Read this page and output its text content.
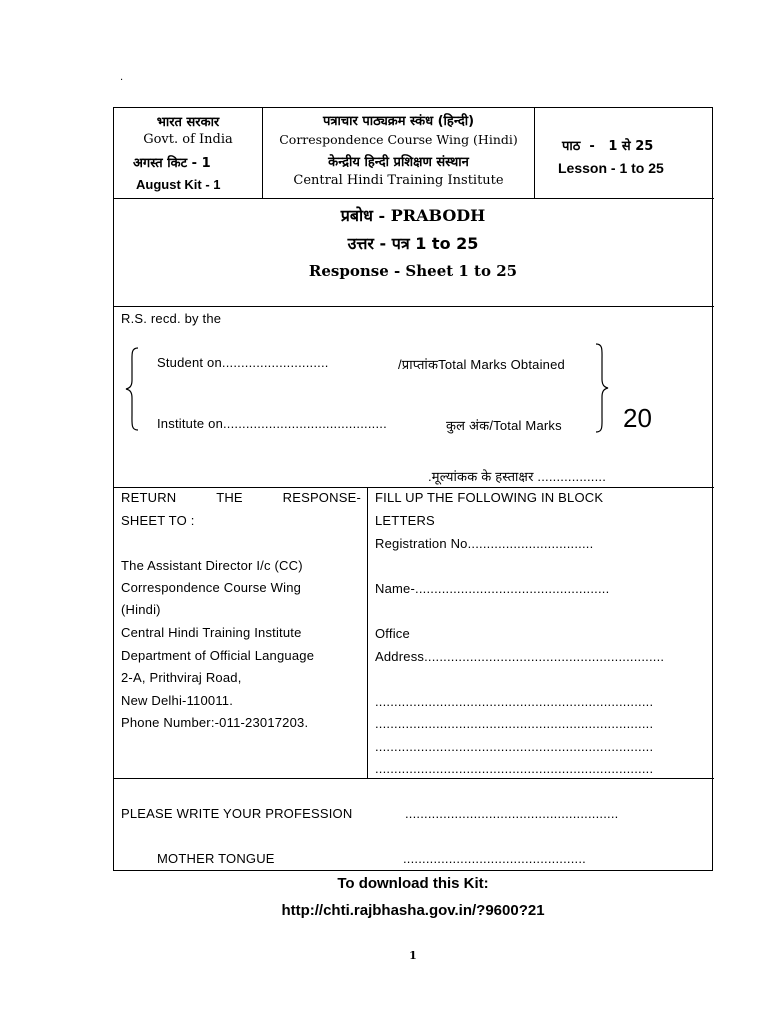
.
भारत सरकार
Govt. of India
अगस्त किट - 1
August Kit - 1
पत्राचार पाठ्यक्रम स्कंध (हिन्दी)
Correspondence Course Wing (Hindi)
केन्द्रीय हिन्दी प्रशिक्षण संस्थान
Central Hindi Training Institute
पाठ  -   1 से 25
Lesson - 1 to 25
प्रबोध - PRABODH
उत्तर - पत्र 1 to 25
Response - Sheet 1 to 25
R.S. recd. by the
Student on............................	/प्राप्तांकTotal Marks Obtained
Institute on...........................................	कुल अंक/Total Marks 20
.मूल्यांकक के हस्ताक्षर ..................
RETURN	THE	RESPONSE-
SHEET TO :
The Assistant Director I/c (CC)
Correspondence Course Wing
(Hindi)
Central Hindi Training Institute
Department of Official Language
2-A, Prithviraj Road,
New Delhi-110011.
Phone Number:-011-23017203.
FILL UP THE FOLLOWING IN BLOCK
LETTERS
Registration No.................................
Name-...................................................
Office
Address...............................................................
.........................................................................
.........................................................................
.........................................................................
.........................................................................
PLEASE WRITE YOUR PROFESSION	........................................................
MOTHER TONGUE	................................................
To download this Kit:
http://chti.rajbhasha.gov.in/?9600?21
1
